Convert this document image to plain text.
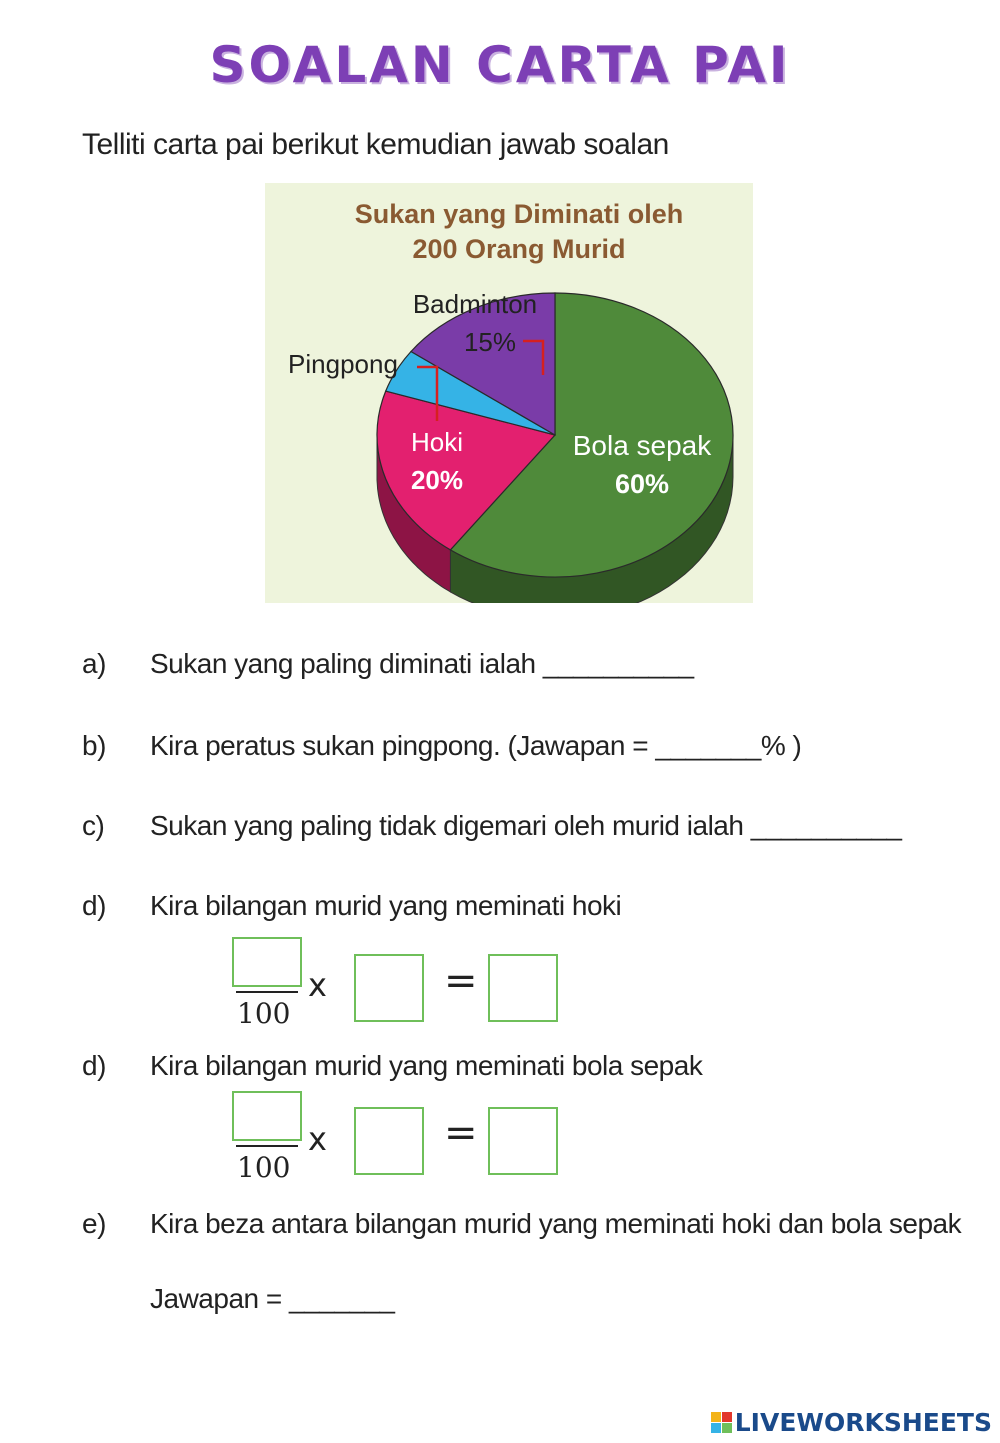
SOALAN CARTA PAI
Telliti carta pai berikut kemudian jawab soalan
Sukan yang Diminati oleh
200 Orang Murid
Badminton
15%
Pingpong
Hoki
20%
Bola sepak
60%
a) Sukan yang paling diminati ialah __________
b) Kira peratus sukan pingpong. (Jawapan = _______% )
c) Sukan yang paling tidak digemari oleh murid ialah __________
d) Kira bilangan murid yang meminati hoki
100
x	=
d) Kira bilangan murid yang meminati bola sepak
100
x	=
e) Kira beza antara bilangan murid yang meminati hoki dan bola sepak
Jawapan = _______
LIVEWORKSHEETS
